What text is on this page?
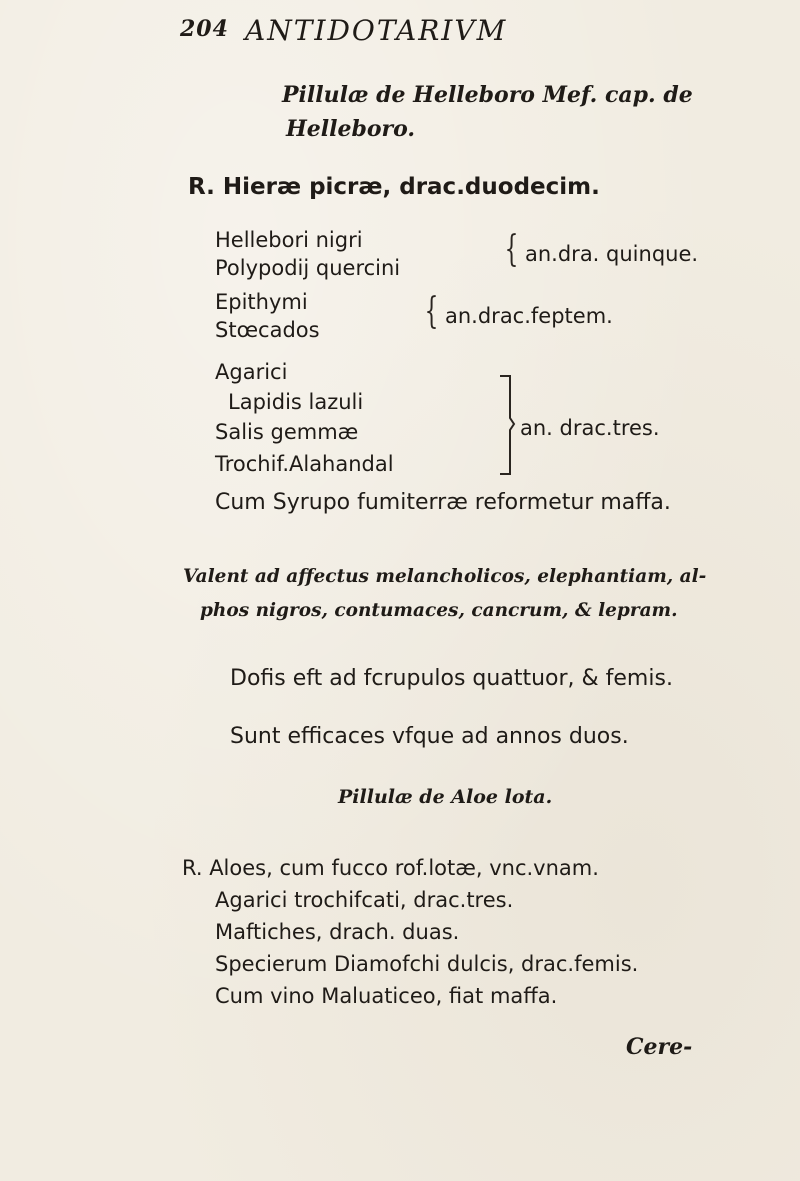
204 ANTIDOTARIVM
Pillulæ de Helleboro Mef. cap. de
Helleboro.
R. Hieræ picræ, drac.duodecim.
Hellebori nigri
Polypodij quercini	{ an.dra. quinque.
Epithymi
Stœcados	{ an.drac.feptem.
Agarici
Lapidis lazuli
Salis gemmæ
Trochif.Alahandal
an. drac.tres.
Cum Syrupo fumiterræ reformetur maffa.
Valent ad affectus melancholicos, elephantiam, al-
phos nigros, contumaces, cancrum, & lepram.
Dofis eft ad fcrupulos quattuor, & femis.
Sunt efficaces vfque ad annos duos.
Pillulæ de Aloe lota.
R. Aloes, cum fucco rof.lotæ, vnc.vnam.
Agarici trochifcati, drac.tres.
Maftiches, drach. duas.
Specierum Diamofchi dulcis, drac.femis.
Cum vino Maluaticeo, fiat maffa.
Cere-
